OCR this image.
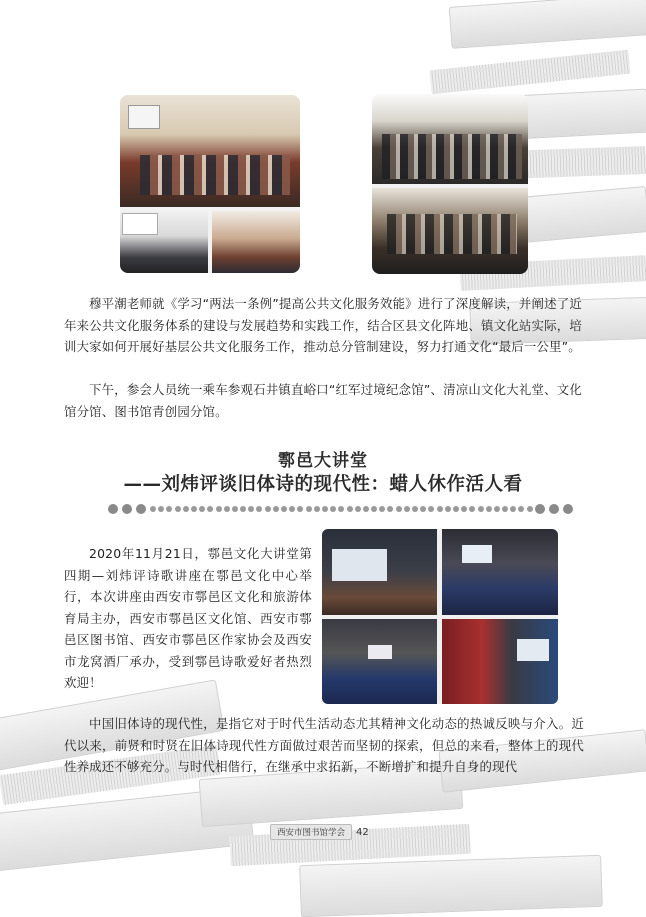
穆平潮老师就《学习“两法一条例”提高公共文化服务效能》进行了深度解读，并阐述了近年来公共文化服务体系的建设与发展趋势和实践工作，结合区县文化阵地、镇文化站实际，培训大家如何开展好基层公共文化服务工作，推动总分管制建设，努力打通文化“最后一公里”。

下午，参会人员统一乘车参观石井镇直峪口“红军过境纪念馆”、清凉山文化大礼堂、文化馆分馆、图书馆青创园分馆。

鄠邑大讲堂
——刘炜评谈旧体诗的现代性：蜡人休作活人看

2020年11月21日，鄠邑文化大讲堂第四期—刘炜评诗歌讲座在鄠邑文化中心举行，本次讲座由西安市鄠邑区文化和旅游体育局主办，西安市鄠邑区文化馆、西安市鄠邑区图书馆、西安市鄠邑区作家协会及西安市龙窝酒厂承办，受到鄠邑诗歌爱好者热烈欢迎！

中国旧体诗的现代性，是指它对于时代生活动态尤其精神文化动态的热诚反映与介入。近代以来，前贤和时贤在旧体诗现代性方面做过艰苦而坚韧的探索，但总的来看，整体上的现代性养成还不够充分。与时代相偕行，在继承中求拓新，不断增扩和提升自身的现代

西安市图书馆学会	42
